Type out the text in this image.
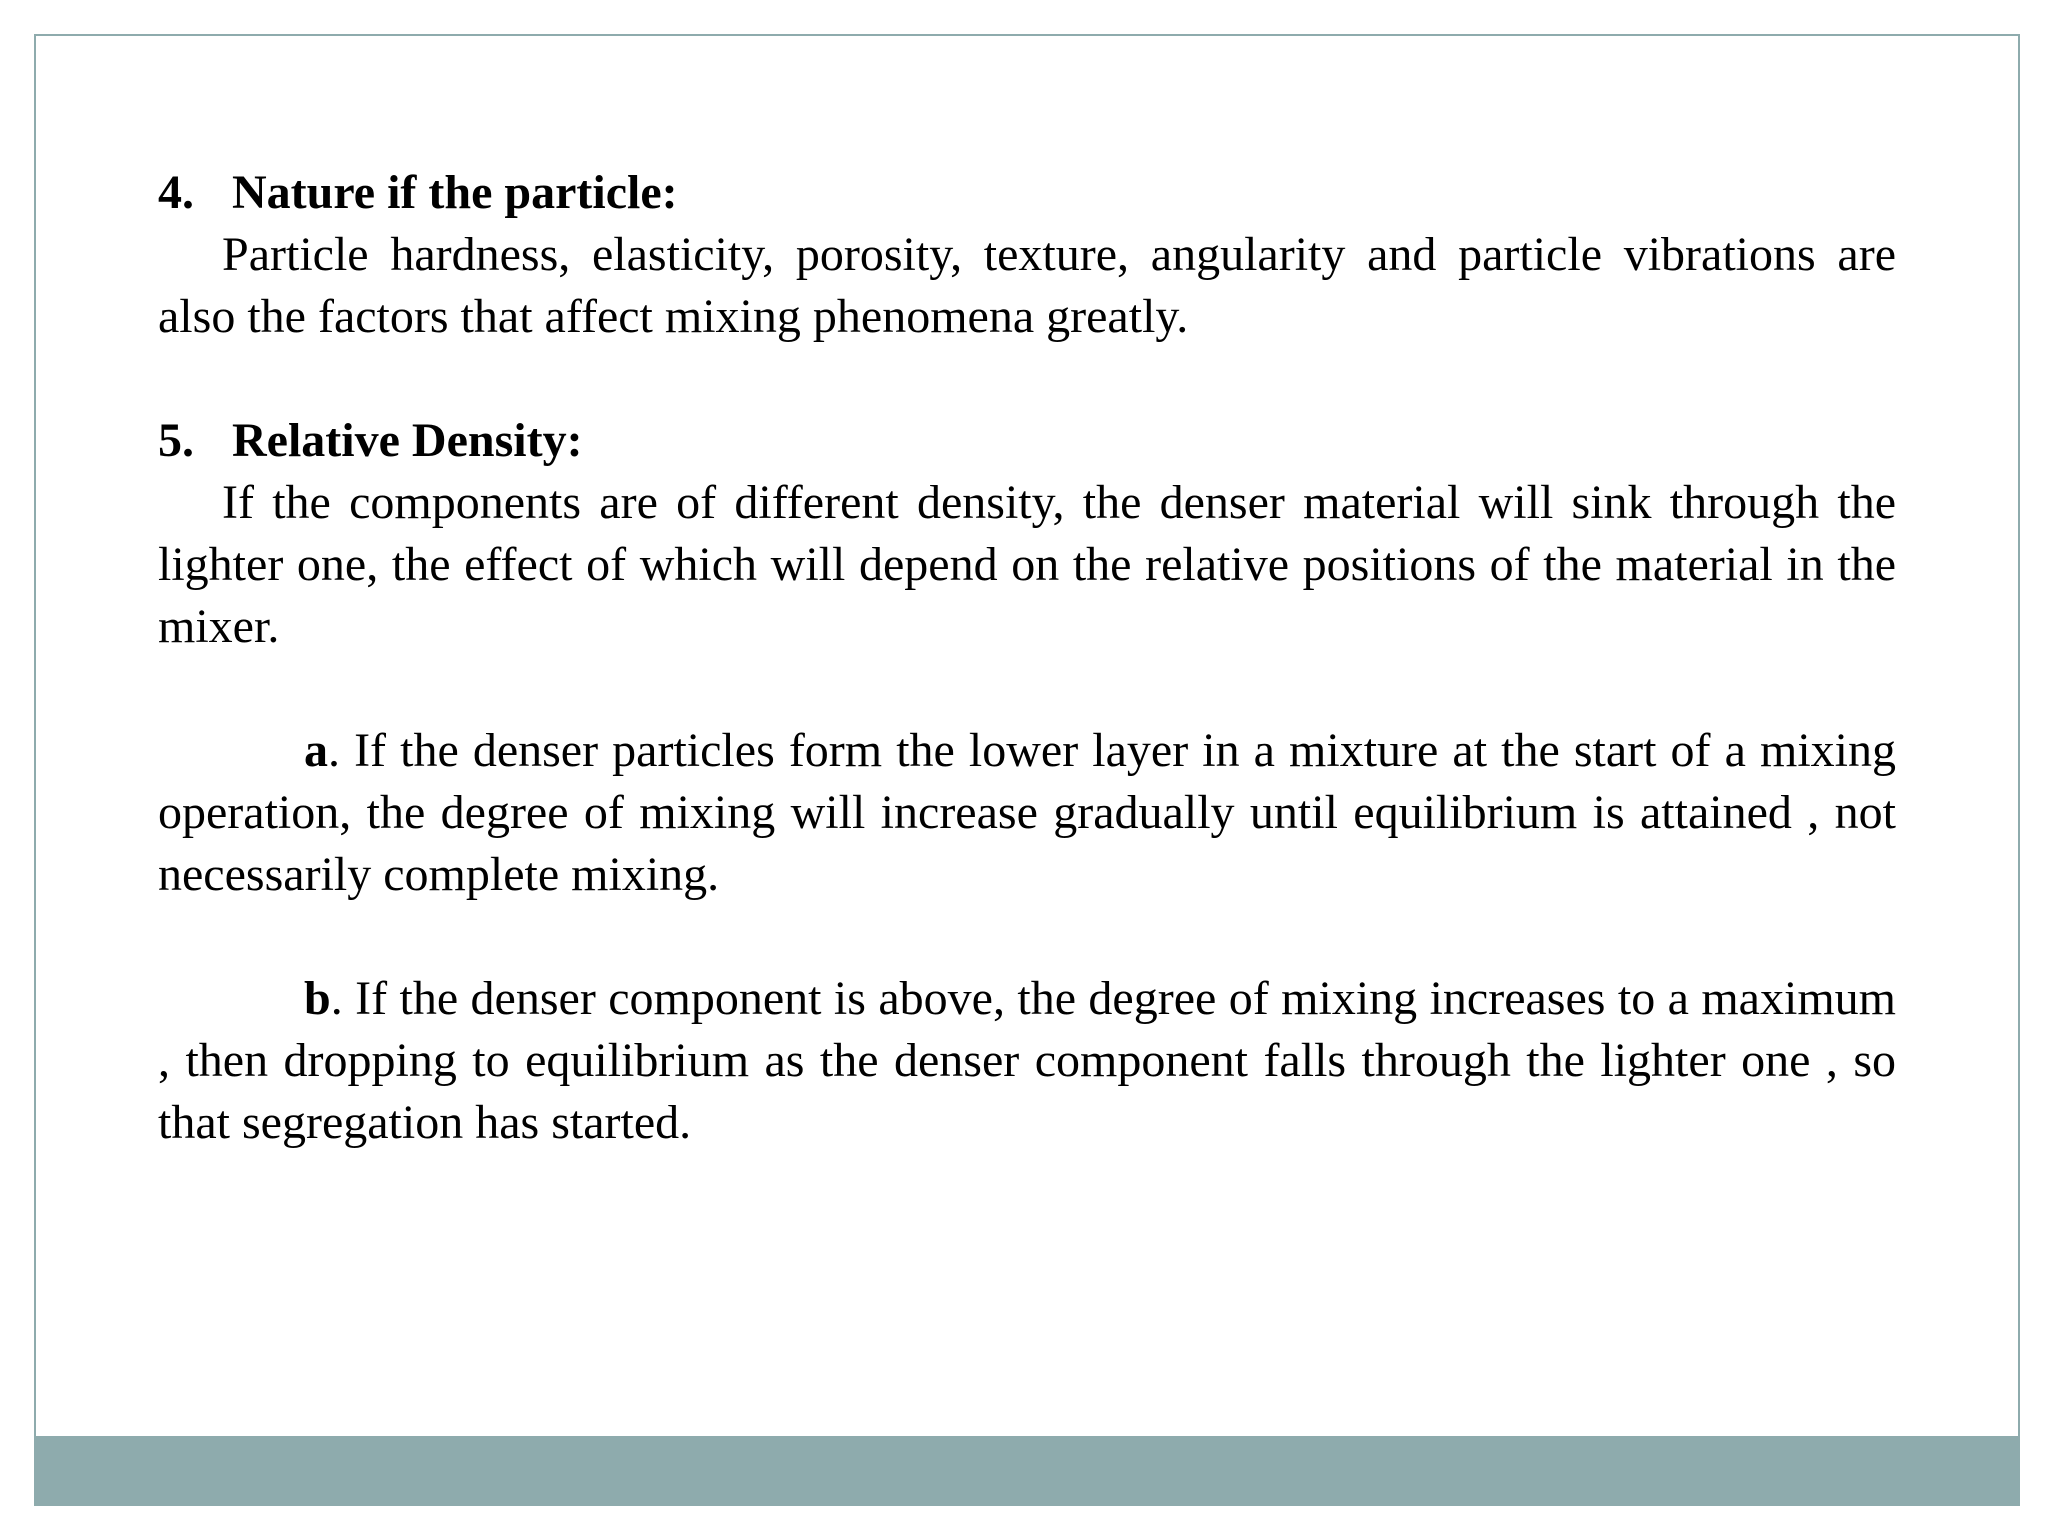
4. Nature if the particle:

Particle hardness, elasticity, porosity, texture, angularity and particle vibrations are also the factors that affect mixing phenomena greatly.

5. Relative Density:

If the components are of different density, the denser material will sink through the lighter one, the effect of which will depend on the relative positions of the material in the mixer.

a. If the denser particles form the lower layer in a mixture at the start of a mixing operation, the degree of mixing will increase gradually until equilibrium is attained , not necessarily complete mixing.

b. If the denser component is above, the degree of mixing increases to a maximum , then dropping to equilibrium as the denser component falls through the lighter one , so that segregation has started.
